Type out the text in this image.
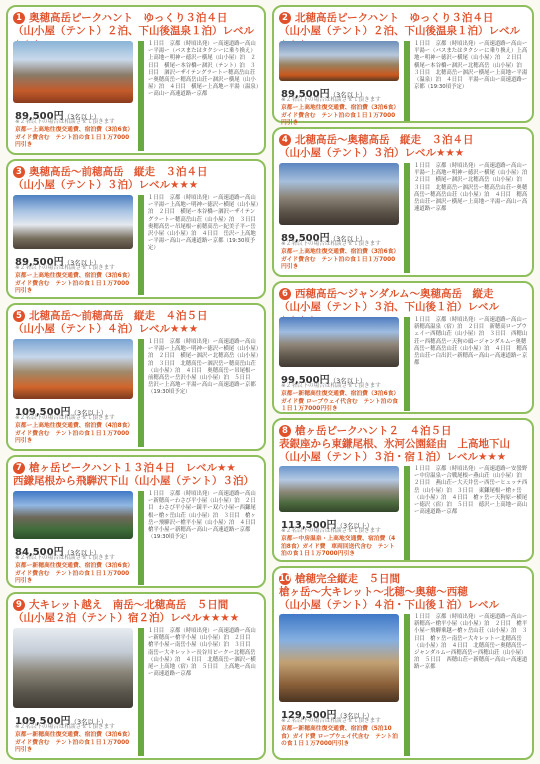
1 奥穂高岳ピークハント　ゆっくり３泊４日
（山小屋（テント）２泊、下山後温泉１泊）レベル
89,500円（3名以上）
※２名以下の場合は相談させて頂きます
京都ー上高地往復交通費、宿泊費（3泊6食）ガイド費含む　テント泊の食１日１万7000円引き
１日目　京都（時頃出発）ー高速道路ー高山ー平湯ー（バスまたはタクシーに乗り換え）上高地ー明神ー徳沢ー横尾（山小屋）泊　２日目　横尾ー本谷橋ー涸沢（テント）泊　３日目　涸沢ーザイテングラートー穂高岳山荘ー奥穂高岳ー穂高岳山荘ー涸沢ー横尾（山小屋）泊　４日目　横尾ー上高地ー平湯（温泉）ー高山ー高速道路ー京都
2 北穂高岳ピークハント　ゆっくり３泊４日
（山小屋（テント）２泊、下山後温泉１泊）レベル
89,500円（3名以上）
※２名以下の場合は相談させて頂きます
京都ー上高地往復交通費、宿泊費（3泊6食）ガイド費含む　テント泊の食１日１万7000円引き
１日目　京都（時頃出発）ー高速道路ー高山ー平湯ー（バスまたはタクシーに乗り換え）上高地ー明神ー徳沢ー横尾（山小屋）泊　２日目　横尾ー本谷橋ー涸沢ー北穂高岳（山小屋）泊　３日目　北穂高岳ー涸沢ー横尾ー上高地ー平湯（温泉）泊　４日目　平湯ー高山ー高速道路ー京都（19:30頃予定）
3 奥穂高岳〜前穂高岳　縦走　３泊４日
（山小屋（テント）３泊）レベル★★★
89,500円（3名以上）
※２名以下の場合は相談させて頂きます
京都ー上高地往復交通費、宿泊費（3泊6食）ガイド費含む　テント泊の食１日１万7000円引き
１日目　京都（時頃出発）ー高速道路ー高山ー平湯ー上高地ー明神ー徳沢ー横尾（山小屋）泊　２日目　横尾ー本谷橋ー涸沢ーザイテングラートー穂高岳山荘（山小屋）泊　３日目　奥穂高岳ー吊尾根ー前穂高岳ー紀美子平ー岳沢小屋（山小屋）泊　４日目　岳沢ー上高地ー平湯ー高山ー高速道路ー京都（19:30頃予定）
4 北穂高岳〜奥穂高岳　縦走　３泊４日
（山小屋（テント）３泊）レベル★★★
89,500円（3名以上）
※２名以下の場合は相談させて頂きます
京都ー上高地往復交通費、宿泊費（3泊6食）ガイド費含む　テント泊の食１日１万7000円引き
１日目　京都（時頃出発）ー高速道路ー高山ー平湯ー上高地ー明神ー徳沢ー横尾（山小屋）泊　２日目　横尾ー涸沢ー北穂高岳（山小屋）泊　３日目　北穂高岳ー涸沢岳ー穂高岳山荘ー奥穂高岳ー穂高岳山荘（山小屋）泊　４日目　穂高岳山荘ー涸沢ー横尾ー上高地ー平湯ー高山ー高速道路ー京都
5 北穂高岳〜前穂高岳　縦走　４泊５日
（山小屋（テント）４泊）レベル★★★
109,500円（3名以上）
※２名以下の場合は相談させて頂きます
京都ー上高地往復交通費、宿泊費（4泊8食）ガイド費含む　テント泊の食１日１万7000円引き
１日目　京都（時頃出発）ー高速道路ー高山ー平湯ー上高地ー明神ー徳沢ー横尾（山小屋）泊　２日目　横尾ー涸沢ー北穂高岳（山小屋）泊　３日目　北穂高岳ー涸沢岳ー穂高岳山荘（山小屋）泊　４日目　奥穂高岳ー吊尾根ー前穂高岳ー岳沢小屋（山小屋）泊　５日目　岳沢ー上高地ー平湯ー高山ー高速道路ー京都（19:30頃予定）
6 西穂高岳〜ジャンダルム〜奥穂高岳　縦走
（山小屋（テント）３泊、下山後１泊）レベル
99,500円（3名以上）
※２名以下の場合は相談させて頂きます
京都ー新穂高往復交通費、宿泊費（3泊6食）ガイド費 ロープウェイ代含む　テント泊の食１日１万7000円引き
１日目　京都（時頃出発）ー高速道路ー高山ー新穂高温泉（宿）泊　２日目　新穂高ロープウェイー西穂山荘（山小屋）泊　３日目　西穂山荘ー西穂高岳ー天狗の頭ージャンダルムー奥穂高岳ー穂高岳山荘（山小屋）泊　４日目　穂高岳山荘ー白出沢ー新穂高ー高山ー高速道路ー京都
7 槍ヶ岳ピークハント１３泊４日　レベル★★
西鎌尾根から飛騨沢下山（山小屋（テント）３泊）
84,500円（3名以上）
※２名以下の場合は相談させて頂きます
京都ー新穂高往復交通費、宿泊費（3泊6食）ガイド費含む　テント泊の食１日１万7000円引き
１日目　京都（時頃出発）ー高速道路ー高山ー新穂高ーわさび平小屋（山小屋）泊　２日目　わさび平小屋ー鏡平ー双六小屋ー西鎌尾根ー槍ヶ岳山荘（山小屋）泊　３日目　槍ヶ岳ー飛騨沢ー槍平小屋（山小屋）泊　４日目　槍平小屋ー新穂高ー高山ー高速道路ー京都（19:30頃予定）
8 槍ヶ岳ピークハント２　４泊５日
表銀座から東鎌尾根、氷河公園経由　上高地下山
（山小屋（テント）３泊・宿１泊）レベル★★★
113,500円（3名以上）
※２名以下の場合は相談させて頂きます
京都ー中房温泉・上高地交通費、宿泊費（4泊8食）ガイド費　車両回送代含む　テント泊の食１日１万7000円引き
１日目　京都（時頃出発）ー高速道路ー安曇野ー中房温泉ー合戦尾根ー燕山荘（山小屋）泊　２日目　燕山荘ー大天井岳ー西岳ーヒュッテ西岳（山小屋）泊　３日目　東鎌尾根ー槍ヶ岳（山小屋）泊　４日目　槍ヶ岳ー天狗原ー横尾ー徳沢（宿）泊　５日目　徳沢ー上高地ー高山ー高速道路ー京都
9 大キレット越え　南岳〜北穂高岳　５日間
（山小屋２泊（テント）宿２泊）レベル★★★★
109,500円（3名以上）
※２名以下の場合は相談させて頂きます
京都ー新穂高往復交通費、宿泊費（3泊6食）ガイド費含む　テント泊の食１日１万7000円引き
１日目　京都（時頃出発）ー高速道路ー高山ー新穂高ー槍平小屋（山小屋）泊　２日目　槍平小屋ー南岳小屋（山小屋）泊　３日目　南岳ー大キレットー長谷川ピークー北穂高岳（山小屋）泊　４日目　北穂高岳ー涸沢ー横尾ー上高地（宿）泊　５日目　上高地ー高山ー高速道路ー京都
10 槍穂完全縦走　５日間
槍ヶ岳〜大キレット〜北穂〜奥穂〜西穂
（山小屋（テント）４泊・下山後１泊）レベル
129,500円（3名以上）
※２名以下の場合は相談させて頂きます
京都ー新穂高往復交通費、宿泊費（5泊10食）ガイド費 ロープウェイ代含む　テント泊の食１日１万7000円引き
１日目　京都（時頃出発）ー高速道路ー高山ー新穂高ー槍平小屋（山小屋）泊　２日目　槍平小屋ー飛騨乗越ー槍ヶ岳山荘（山小屋）泊　３日目　槍ヶ岳ー南岳ー大キレットー北穂高岳（山小屋）泊　４日目　北穂高岳ー奥穂高岳ージャンダルムー西穂高岳ー西穂山荘（山小屋）泊　５日目　西穂山荘ー新穂高ー高山ー高速道路ー京都
